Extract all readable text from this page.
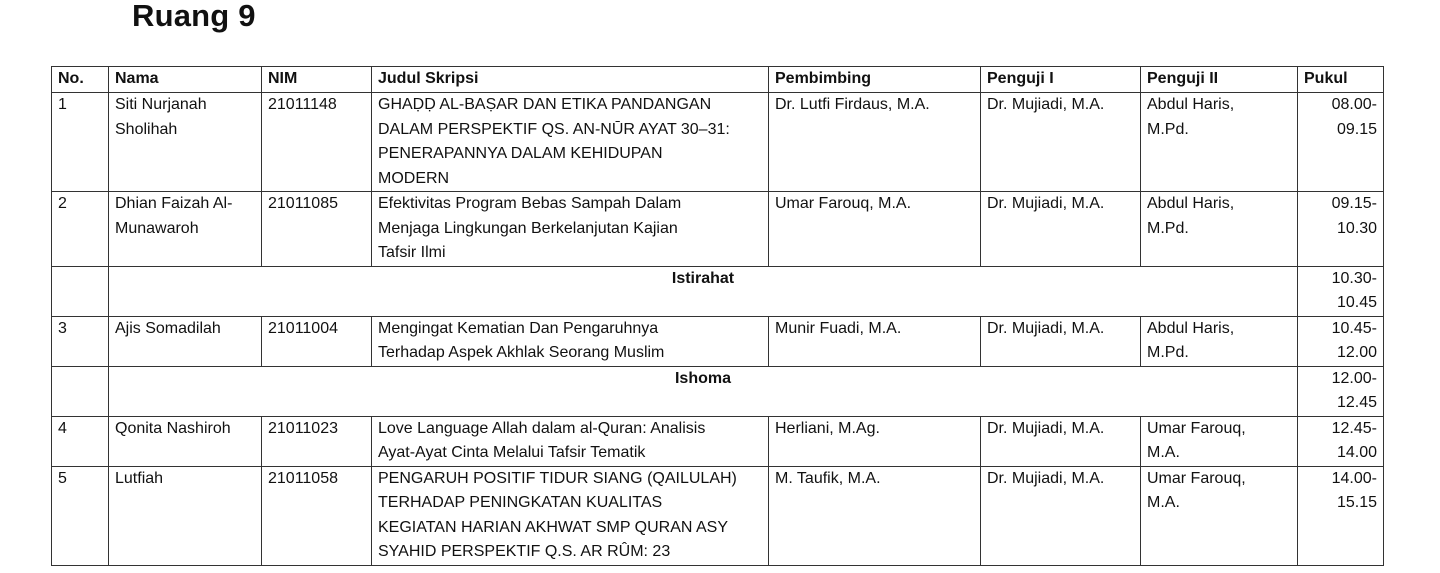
Ruang 9
No.	Nama	NIM	Judul Skripsi	Pembimbing	Penguji I	Penguji II	Pukul
1	Siti Nurjanah
Sholihah	21011148	GHAḌḌ AL-BAṢAR DAN ETIKA PANDANGAN
DALAM PERSPEKTIF QS. AN-NŪR AYAT 30–31:
PENERAPANNYA DALAM KEHIDUPAN
MODERN	Dr. Lutfi Firdaus, M.A.	Dr. Mujiadi, M.A.	Abdul Haris,
M.Pd.	08.00-
09.15

2	Dhian Faizah Al-
Munawaroh	21011085	Efektivitas Program Bebas Sampah Dalam
Menjaga Lingkungan Berkelanjutan Kajian
Tafsir Ilmi	Umar Farouq, M.A.	Dr. Mujiadi, M.A.	Abdul Haris,
M.Pd.	09.15-
10.30

	Istirahat						10.30-
10.45

3	Ajis Somadilah	21011004	Mengingat Kematian Dan Pengaruhnya
Terhadap Aspek Akhlak Seorang Muslim	Munir Fuadi, M.A.	Dr. Mujiadi, M.A.	Abdul Haris,
M.Pd.	10.45-
12.00

	Ishoma						12.00-
12.45

4	Qonita Nashiroh	21011023	Love Language Allah dalam al-Quran: Analisis
Ayat-Ayat Cinta Melalui Tafsir Tematik	Herliani, M.Ag.	Dr. Mujiadi, M.A.	Umar Farouq,
M.A.	12.45-
14.00

5	Lutfiah	21011058	PENGARUH POSITIF TIDUR SIANG (QAILULAH)
TERHADAP PENINGKATAN KUALITAS
KEGIATAN HARIAN AKHWAT SMP QURAN ASY
SYAHID PERSPEKTIF Q.S. AR RÛM: 23	M. Taufik, M.A.	Dr. Mujiadi, M.A.	Umar Farouq,
M.A.	14.00-
15.15
